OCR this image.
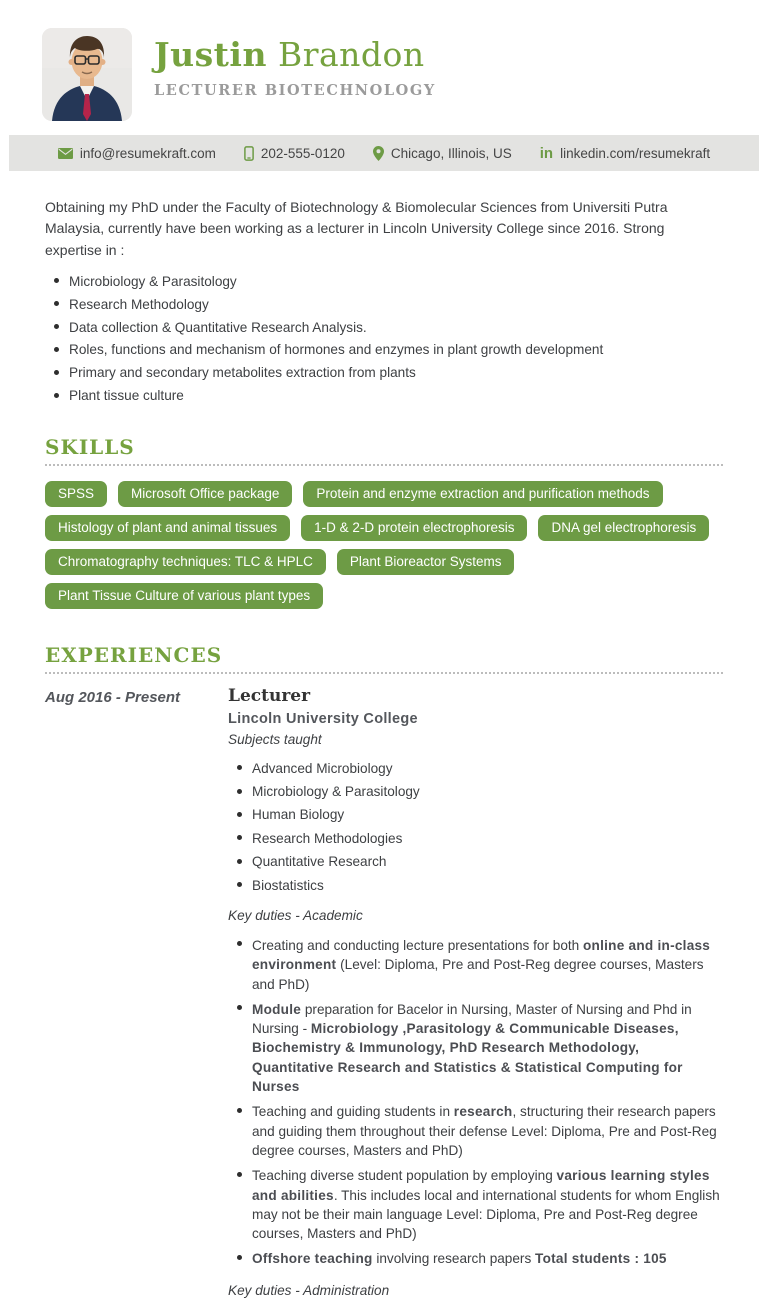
Justin Brandon
LECTURER BIOTECHNOLOGY
info@resumekraft.com	202-555-0120	Chicago, Illinois, US in linkedin.com/resumekraft

Obtaining my PhD under the Faculty of Biotechnology & Biomolecular Sciences from Universiti Putra Malaysia, currently have been working as a lecturer in Lincoln University College since 2016. Strong expertise in :

Microbiology & Parasitology
Research Methodology
Data collection & Quantitative Research Analysis.
Roles, functions and mechanism of hormones and enzymes in plant growth development
Primary and secondary metabolites extraction from plants
Plant tissue culture
SKILLS
SPSS	Microsoft Office package	Protein and enzyme extraction and purification methods
Histology of plant and animal tissues	1-D & 2-D protein electrophoresis	DNA gel electrophoresis
Chromatography techniques: TLC & HPLC	Plant Bioreactor Systems
Plant Tissue Culture of various plant types
EXPERIENCES
Aug 2016 - Present	Lecturer
Lincoln University College
Subjects taught
Advanced Microbiology
Microbiology & Parasitology
Human Biology
Research Methodologies
Quantitative Research
Biostatistics
Key duties - Academic
Creating and conducting lecture presentations for both online and in-class environment (Level: Diploma, Pre and Post-Reg degree courses, Masters and PhD)
Module preparation for Bacelor in Nursing, Master of Nursing and Phd in Nursing - Microbiology ,Parasitology & Communicable Diseases, Biochemistry & Immunology, PhD Research Methodology, Quantitative Research and Statistics & Statistical Computing for Nurses
Teaching and guiding students in research, structuring their research papers and guiding them throughout their defense Level: Diploma, Pre and Post-Reg degree courses, Masters and PhD)
Teaching diverse student population by employing various learning styles and abilities. This includes local and international students for whom English may not be their main language Level: Diploma, Pre and Post-Reg degree courses, Masters and PhD)
Offshore teaching involving research papers Total students : 105
Key duties - Administration
